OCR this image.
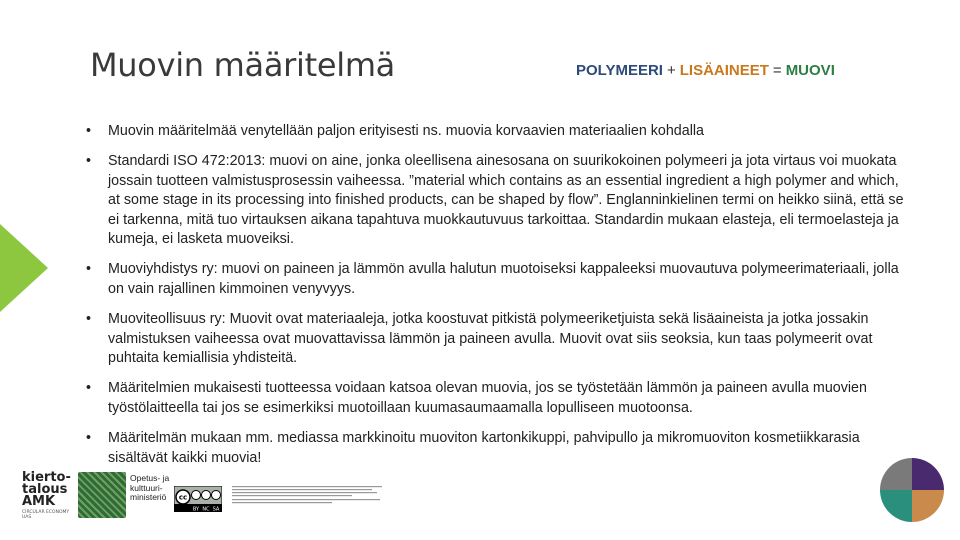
Muovin määritelmä	POLYMEERI + LISÄAINEET = MUOVI
• Muovin määritelmää venytellään paljon erityisesti ns. muovia korvaavien materiaalien kohdalla
• Standardi ISO 472:2013: muovi on aine, jonka oleellisena ainesosana on suurikokoinen polymeeri ja jota virtaus voi muokata jossain tuotteen valmistusprosessin vaiheessa. ”material which contains as an essential ingredient a high polymer and which, at some stage in its processing into finished products, can be shaped by flow”. Englanninkielinen termi on heikko siinä, että se ei tarkenna, mitä tuo virtauksen aikana tapahtuva muokkautuvuus tarkoittaa. Standardin mukaan elasteja, eli termoelasteja ja kumeja, ei lasketa muoveiksi.
• Muoviyhdistys ry: muovi on paineen ja lämmön avulla halutun muotoiseksi kappaleeksi muovautuva polymeerimateriaali, jolla on vain rajallinen kimmoinen venyvyys.
• Muoviteollisuus ry: Muovit ovat materiaaleja, jotka koostuvat pitkistä polymeeriketjuista sekä lisäaineista ja jotka jossakin valmistuksen vaiheessa ovat muovattavissa lämmön ja paineen avulla. Muovit ovat siis seoksia, kun taas polymeerit ovat puhtaita kemiallisia yhdisteitä.
• Määritelmien mukaisesti tuotteessa voidaan katsoa olevan muovia, jos se työstetään lämmön ja paineen avulla muovien työstölaitteella tai jos se esimerkiksi muotoillaan kuumasaumaamalla lopulliseen muotoonsa.
• Määritelmän mukaan mm. mediassa markkinoitu muoviton kartonkikuppi, pahvipullo ja mikromuoviton kosmetiikkarasia sisältävät kaikki muovia!
kierto-
talous
AMK
CIRCULAR ECONOMY UAS
Opetus- ja
kulttuuri-
ministeriö	cc
BY NC SA
